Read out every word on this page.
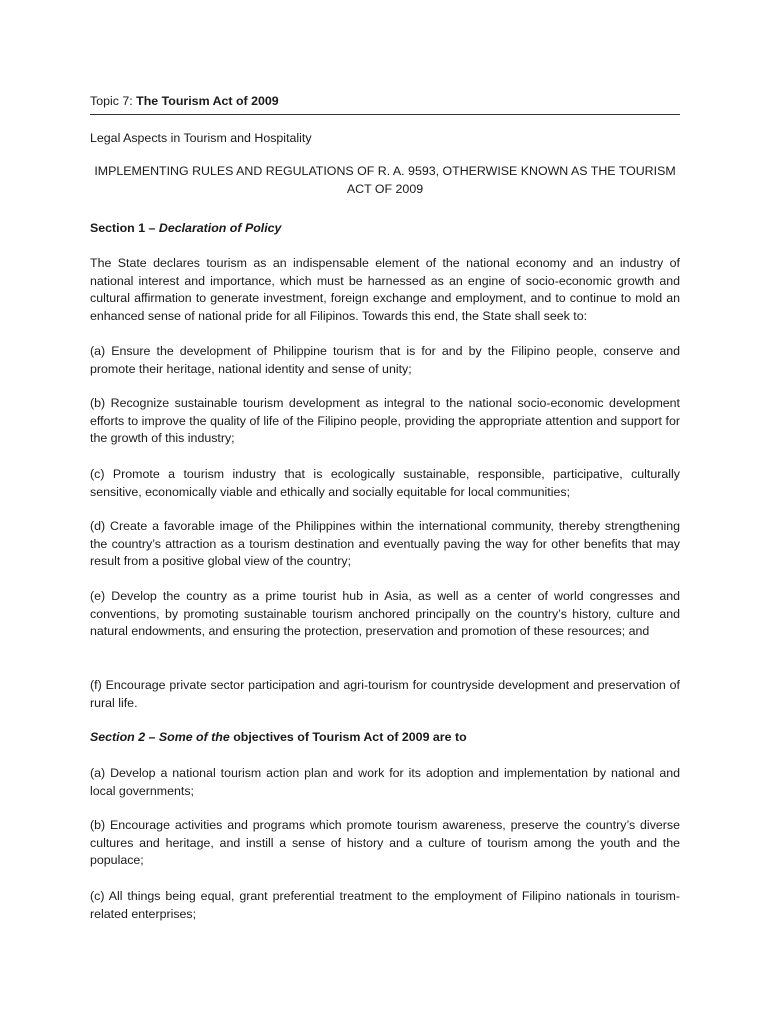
Topic 7: The Tourism Act of 2009
Legal Aspects in Tourism and Hospitality
IMPLEMENTING RULES AND REGULATIONS OF R. A. 9593, OTHERWISE KNOWN AS THE TOURISM ACT OF 2009
Section 1 – Declaration of Policy

The State declares tourism as an indispensable element of the national economy and an industry of national interest and importance, which must be harnessed as an engine of socio-economic growth and cultural affirmation to generate investment, foreign exchange and employment, and to continue to mold an enhanced sense of national pride for all Filipinos. Towards this end, the State shall seek to:

(a) Ensure the development of Philippine tourism that is for and by the Filipino people, conserve and promote their heritage, national identity and sense of unity;

(b) Recognize sustainable tourism development as integral to the national socio-economic development efforts to improve the quality of life of the Filipino people, providing the appropriate attention and support for the growth of this industry;

(c) Promote a tourism industry that is ecologically sustainable, responsible, participative, culturally sensitive, economically viable and ethically and socially equitable for local communities;

(d) Create a favorable image of the Philippines within the international community, thereby strengthening the country’s attraction as a tourism destination and eventually paving the way for other benefits that may result from a positive global view of the country;

(e) Develop the country as a prime tourist hub in Asia, as well as a center of world congresses and conventions, by promoting sustainable tourism anchored principally on the country’s history, culture and natural endowments, and ensuring the protection, preservation and promotion of these resources; and

(f) Encourage private sector participation and agri-tourism for countryside development and preservation of rural life.

Section 2 – Some of the objectives of Tourism Act of 2009 are to

(a) Develop a national tourism action plan and work for its adoption and implementation by national and local governments;

(b) Encourage activities and programs which promote tourism awareness, preserve the country’s diverse cultures and heritage, and instill a sense of history and a culture of tourism among the youth and the populace;

(c) All things being equal, grant preferential treatment to the employment of Filipino nationals in tourism-related enterprises;
